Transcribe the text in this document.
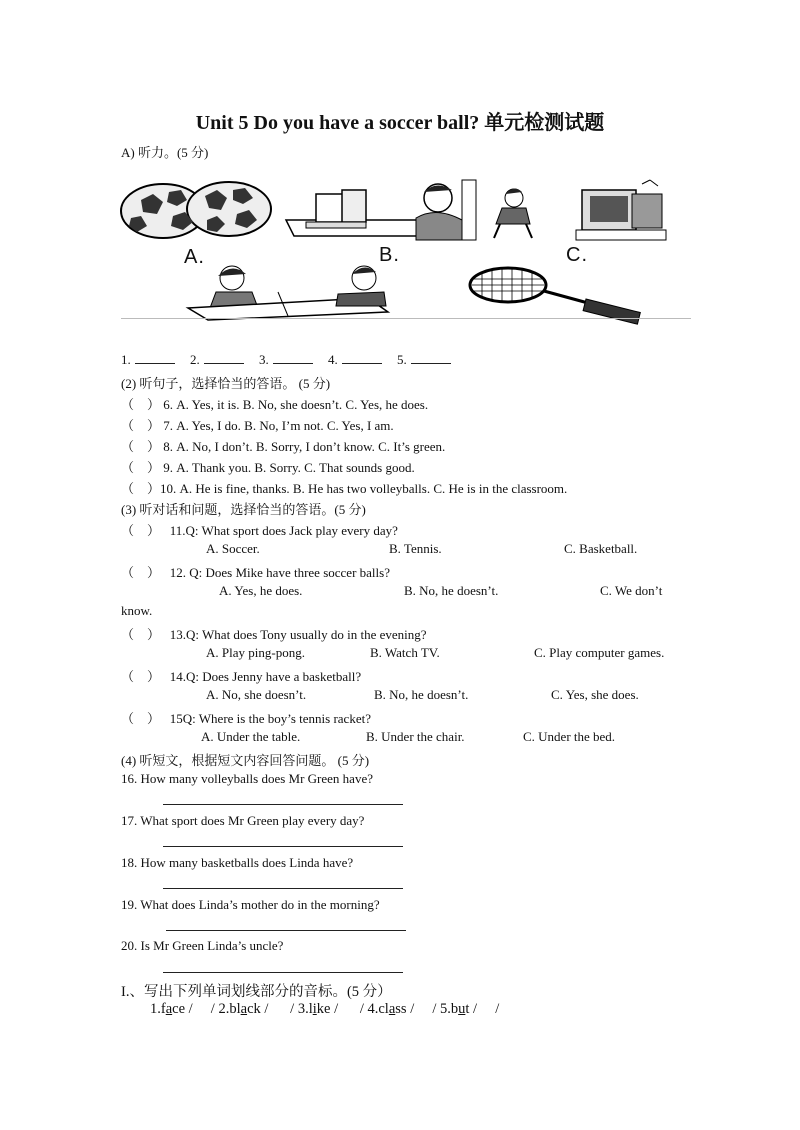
Unit 5 Do you have a soccer ball? 单元检测试题
A) 听力。(5 分)
A.	B.	C.
1.	2.	3.	4.	5.
(2) 听句子，选择恰当的答语。 (5 分)
（    ） 6. A. Yes, it is. B. No, she doesn’t. C. Yes, he does.
（    ） 7. A. Yes, I do. B. No, I’m not. C. Yes, I am.
（    ） 8. A. No, I don’t. B. Sorry, I don’t know. C. It’s green.
（    ） 9. A. Thank you. B. Sorry. C. That sounds good.
（    ）10. A. He is fine, thanks. B. He has two volleyballs. C. He is in the classroom.
(3) 听对话和问题，选择恰当的答语。(5 分)
（    ） 11.Q: What sport does Jack play every day?
A. Soccer.	B. Tennis.	C. Basketball.
（    ） 12. Q: Does Mike have three soccer balls?
A. Yes, he does.	B. No, he doesn’t.	C. We don’t
know.
（    ） 13.Q: What does Tony usually do in the evening?
A. Play ping-pong.	B. Watch TV.	C. Play computer games.
（    ） 14.Q: Does Jenny have a basketball?
A. No, she doesn’t.	B. No, he doesn’t.	C. Yes, she does.
（    ） 15Q: Where is the boy’s tennis racket?
A. Under the table.	B. Under the chair.	C. Under the bed.
(4) 听短文，根据短文内容回答问题。 (5 分)
16. How many volleyballs does Mr Green have?
17. What sport does Mr Green play every day?
18. How many basketballs does Linda have?
19. What does Linda’s mother do in the morning?
20. Is Mr Green Linda’s uncle?
I.、写出下列单词划线部分的音标。(5 分）
1.face /     / 2.black /      / 3.like /      / 4.class /     / 5.but /     /
